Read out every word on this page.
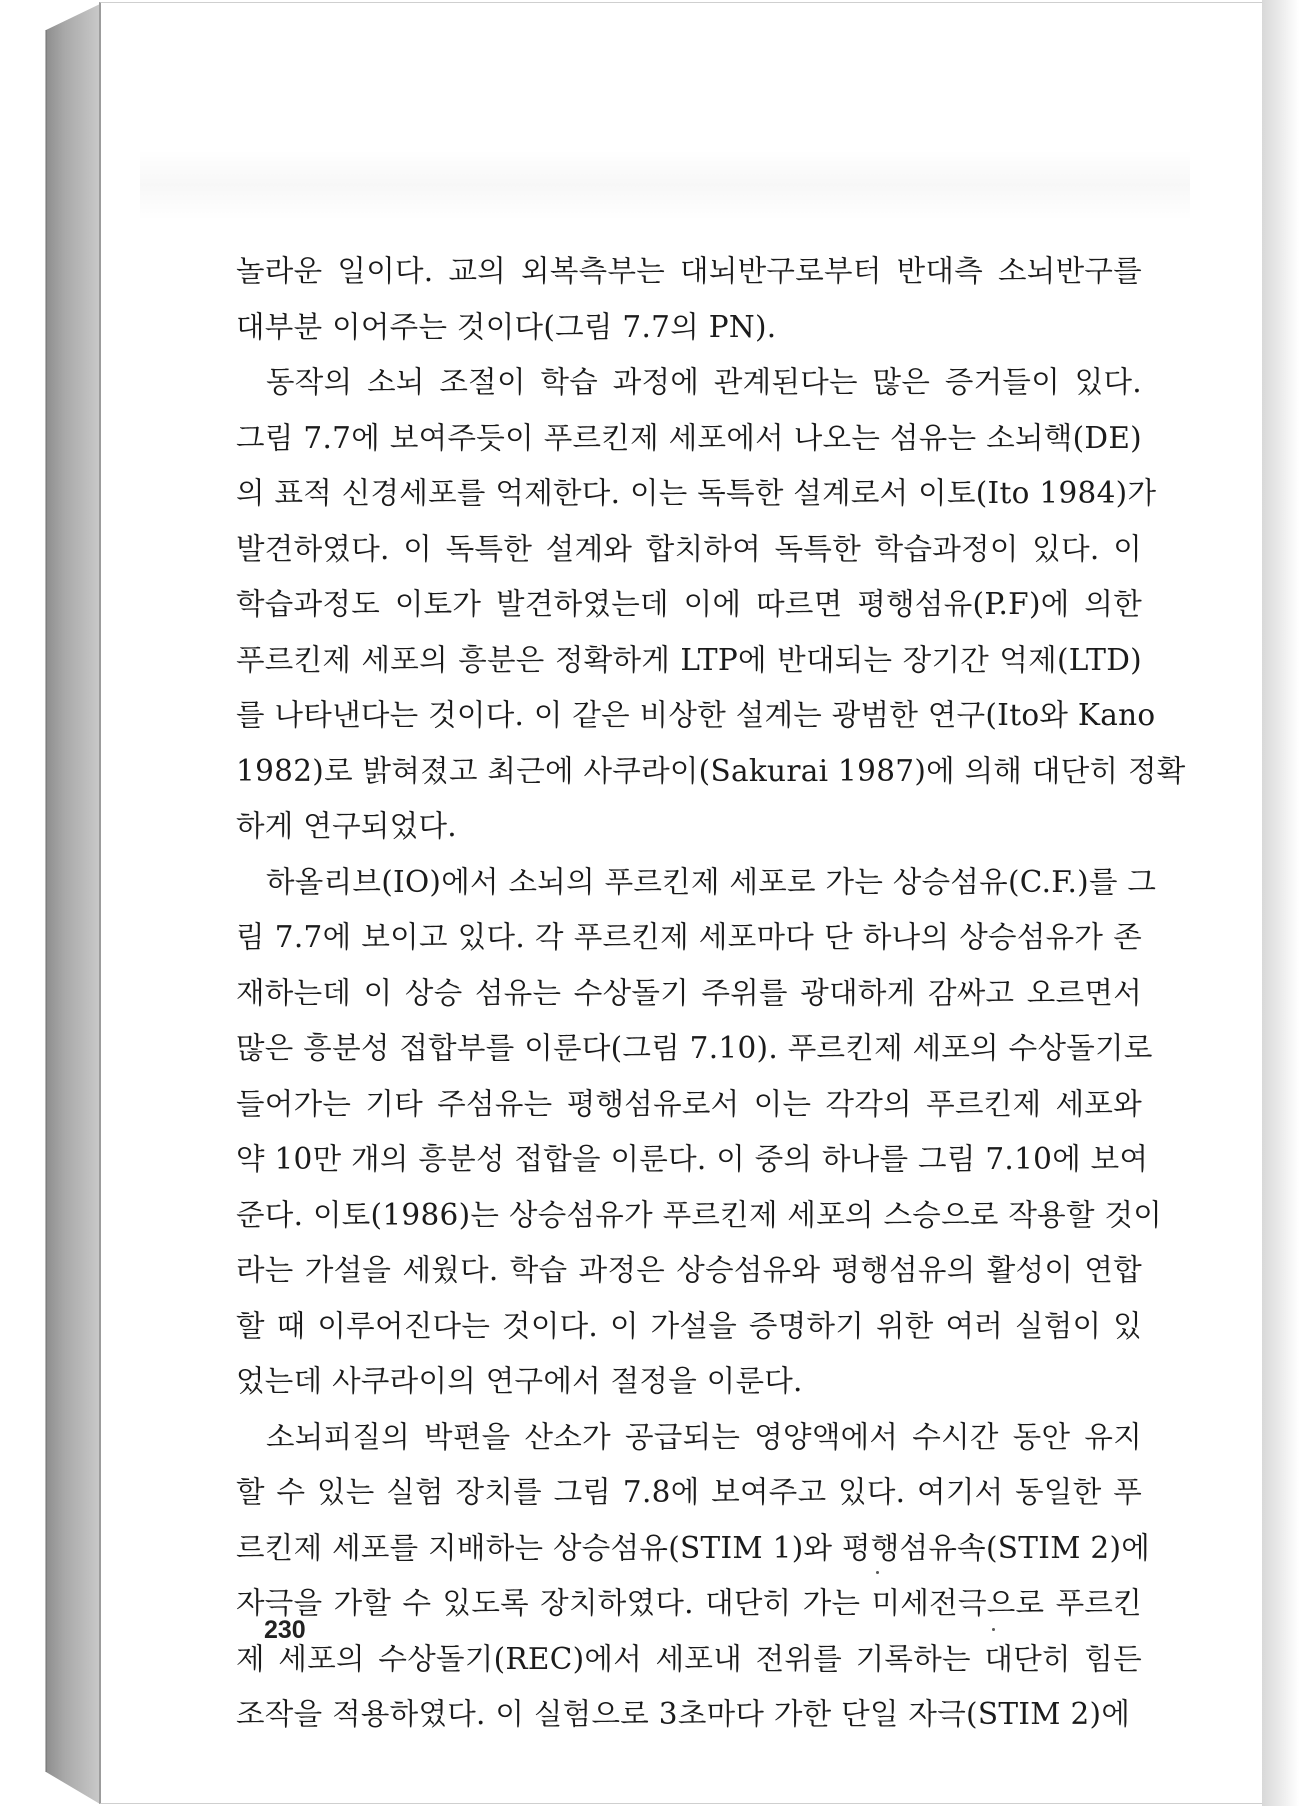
놀라운 일이다. 교의 외복측부는 대뇌반구로부터 반대측 소뇌반구를
대부분 이어주는 것이다(그림 7.7의 PN).
동작의 소뇌 조절이 학습 과정에 관계된다는 많은 증거들이 있다.
그림 7.7에 보여주듯이 푸르킨제 세포에서 나오는 섬유는 소뇌핵(DE)
의 표적 신경세포를 억제한다. 이는 독특한 설계로서 이토(Ito 1984)가
발견하였다. 이 독특한 설계와 합치하여 독특한 학습과정이 있다. 이
학습과정도 이토가 발견하였는데 이에 따르면 평행섬유(P.F)에 의한
푸르킨제 세포의 흥분은 정확하게 LTP에 반대되는 장기간 억제(LTD)
를 나타낸다는 것이다. 이 같은 비상한 설계는 광범한 연구(Ito와 Kano
1982)로 밝혀졌고 최근에 사쿠라이(Sakurai 1987)에 의해 대단히 정확
하게 연구되었다.
하올리브(IO)에서 소뇌의 푸르킨제 세포로 가는 상승섬유(C.F.)를 그
림 7.7에 보이고 있다. 각 푸르킨제 세포마다 단 하나의 상승섬유가 존
재하는데 이 상승 섬유는 수상돌기 주위를 광대하게 감싸고 오르면서
많은 흥분성 접합부를 이룬다(그림 7.10). 푸르킨제 세포의 수상돌기로
들어가는 기타 주섬유는 평행섬유로서 이는 각각의 푸르킨제 세포와
약 10만 개의 흥분성 접합을 이룬다. 이 중의 하나를 그림 7.10에 보여
준다. 이토(1986)는 상승섬유가 푸르킨제 세포의 스승으로 작용할 것이
라는 가설을 세웠다. 학습 과정은 상승섬유와 평행섬유의 활성이 연합
할 때 이루어진다는 것이다. 이 가설을 증명하기 위한 여러 실험이 있
었는데 사쿠라이의 연구에서 절정을 이룬다.
소뇌피질의 박편을 산소가 공급되는 영양액에서 수시간 동안 유지
할 수 있는 실험 장치를 그림 7.8에 보여주고 있다. 여기서 동일한 푸
르킨제 세포를 지배하는 상승섬유(STIM 1)와 평행섬유속(STIM 2)에
자극을 가할 수 있도록 장치하였다. 대단히 가는 미세전극으로 푸르킨
제 세포의 수상돌기(REC)에서 세포내 전위를 기록하는 대단히 힘든
조작을 적용하였다. 이 실험으로 3초마다 가한 단일 자극(STIM 2)에
230
